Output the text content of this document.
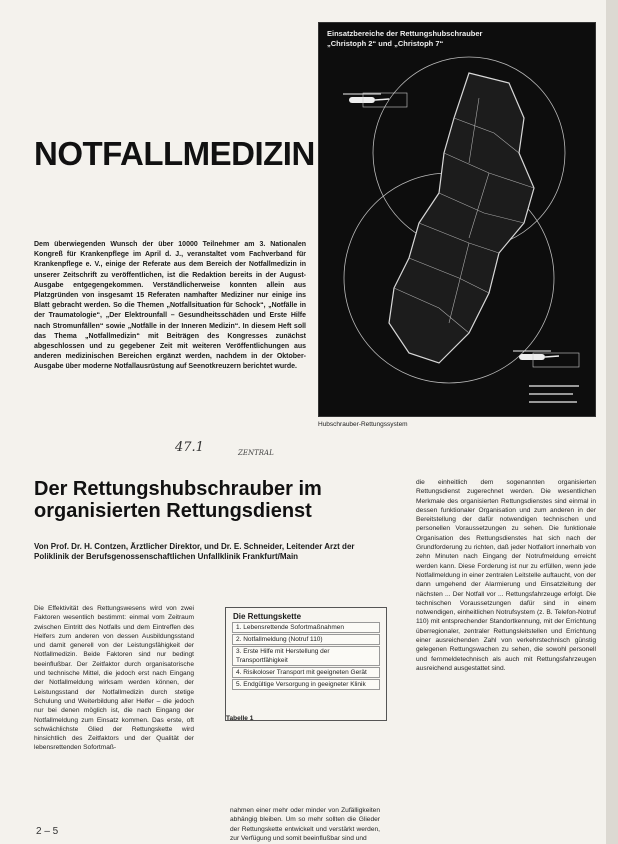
NOTFALLMEDIZIN
Dem überwiegenden Wunsch der über 10000 Teilnehmer am 3. Nationalen Kongreß für Krankenpflege im April d. J., veranstaltet vom Fachverband für Krankenpflege e. V., einige der Referate aus dem Bereich der Notfallmedizin in unserer Zeitschrift zu veröffentlichen, ist die Redaktion bereits in der August-Ausgabe entgegengekommen. Verständlicherweise konnten allein aus Platzgründen von insgesamt 15 Referaten namhafter Mediziner nur einige ins Blatt gebracht werden. So die Themen „Notfallsituation für Schock“, „Notfälle in der Traumatologie“, „Der Elektrounfall – Gesundheitsschäden und Erste Hilfe nach Stromunfällen“ sowie „Notfälle in der Inneren Medizin“. In diesem Heft soll das Thema „Notfallmedizin“ mit Beiträgen des Kongresses zunächst abgeschlossen und zu gegebener Zeit mit weiteren Veröffentlichungen aus anderen medizinischen Bereichen ergänzt werden, nachdem in der Oktober-Ausgabe über moderne Notfallausrüstung auf Seenotkreuzern berichtet wurde.
Einsatzbereiche der Rettungshubschrauber
„Christoph 2“ und „Christoph 7“
Hubschrauber-Rettungssystem
47.1	ZENTRAL
Der Rettungshubschrauber im organisierten Rettungsdienst
Von Prof. Dr. H. Contzen, Ärztlicher Direktor, und Dr. E. Schneider, Leitender Arzt der Poliklinik der Berufsgenossenschaftlichen Unfallklinik Frankfurt/Main
Die Effektivität des Rettungswesens wird von zwei Faktoren wesentlich bestimmt: einmal vom Zeitraum zwischen Eintritt des Notfalls und dem Eintreffen des Helfers zum anderen von dessen Ausbildungsstand und damit generell von der Leistungsfähigkeit der Notfallmedizin. Beide Faktoren sind nur bedingt beeinflußbar. Der Zeitfaktor durch organisatorische und technische Mittel, die jedoch erst nach Eingang der Notfallmeldung wirksam werden können, der Leistungsstand der Notfallmedizin durch stetige Schulung und Weiterbildung aller Helfer – die jedoch nur bei denen möglich ist, die nach Eingang der Notfallmeldung zum Einsatz kommen. Das erste, oft schwächlichste Glied der Rettungskette wird hinsichtlich des Zeitfaktors und der Qualität der lebensrettenden Sofortmaß-
Die Rettungskette
1. Lebensrettende Sofortmaßnahmen
2. Notfallmeldung (Notruf 110)
3. Erste Hilfe mit Herstellung der Transportfähigkeit
4. Risikoloser Transport mit geeigneten Gerät
5. Endgültige Versorgung in geeigneter Klinik
Tabelle 1
nahmen einer mehr oder minder von Zufälligkeiten abhängig bleiben. Um so mehr sollten die Glieder der Rettungskette entwickelt und verstärkt werden, zur Verfügung und somit beeinflußbar sind und
die einheitlich dem sogenannten organisierten Rettungsdienst zugerechnet werden. Die wesentlichen Merkmale des organisierten Rettungsdienstes sind einmal in dessen funktionaler Organisation und zum anderen in der Bereitstellung der dafür notwendigen technischen und personellen Voraussetzungen zu sehen. Die funktionale Organisation des Rettungsdienstes hat sich nach der Grundforderung zu richten, daß jeder Notfallort innerhalb von zehn Minuten nach Eingang der Notrufmeldung erreicht werden kann. Diese Forderung ist nur zu erfüllen, wenn jede Notfallmeldung in einer zentralen Leitstelle auftaucht, von der dann umgehend der Alarmierung und Einsatzleitung der nächsten ... Der Notfall vor ... Rettungsfahrzeuge erfolgt. Die technischen Voraussetzungen dafür sind in einem notwendigen, einheitlichen Notrufsystem (z. B. Telefon-Notruf 110) mit entsprechender Standortkennung, mit der Errichtung überregionaler, zentraler Rettungsleitstellen und Errichtung einer ausreichenden Zahl von verkehrstechnisch günstig gelegenen Rettungswachen zu sehen, die sowohl personell und fernmeldetechnisch als auch mit Rettungsfahrzeugen ausreichend ausgestattet sind.
2 – 5
